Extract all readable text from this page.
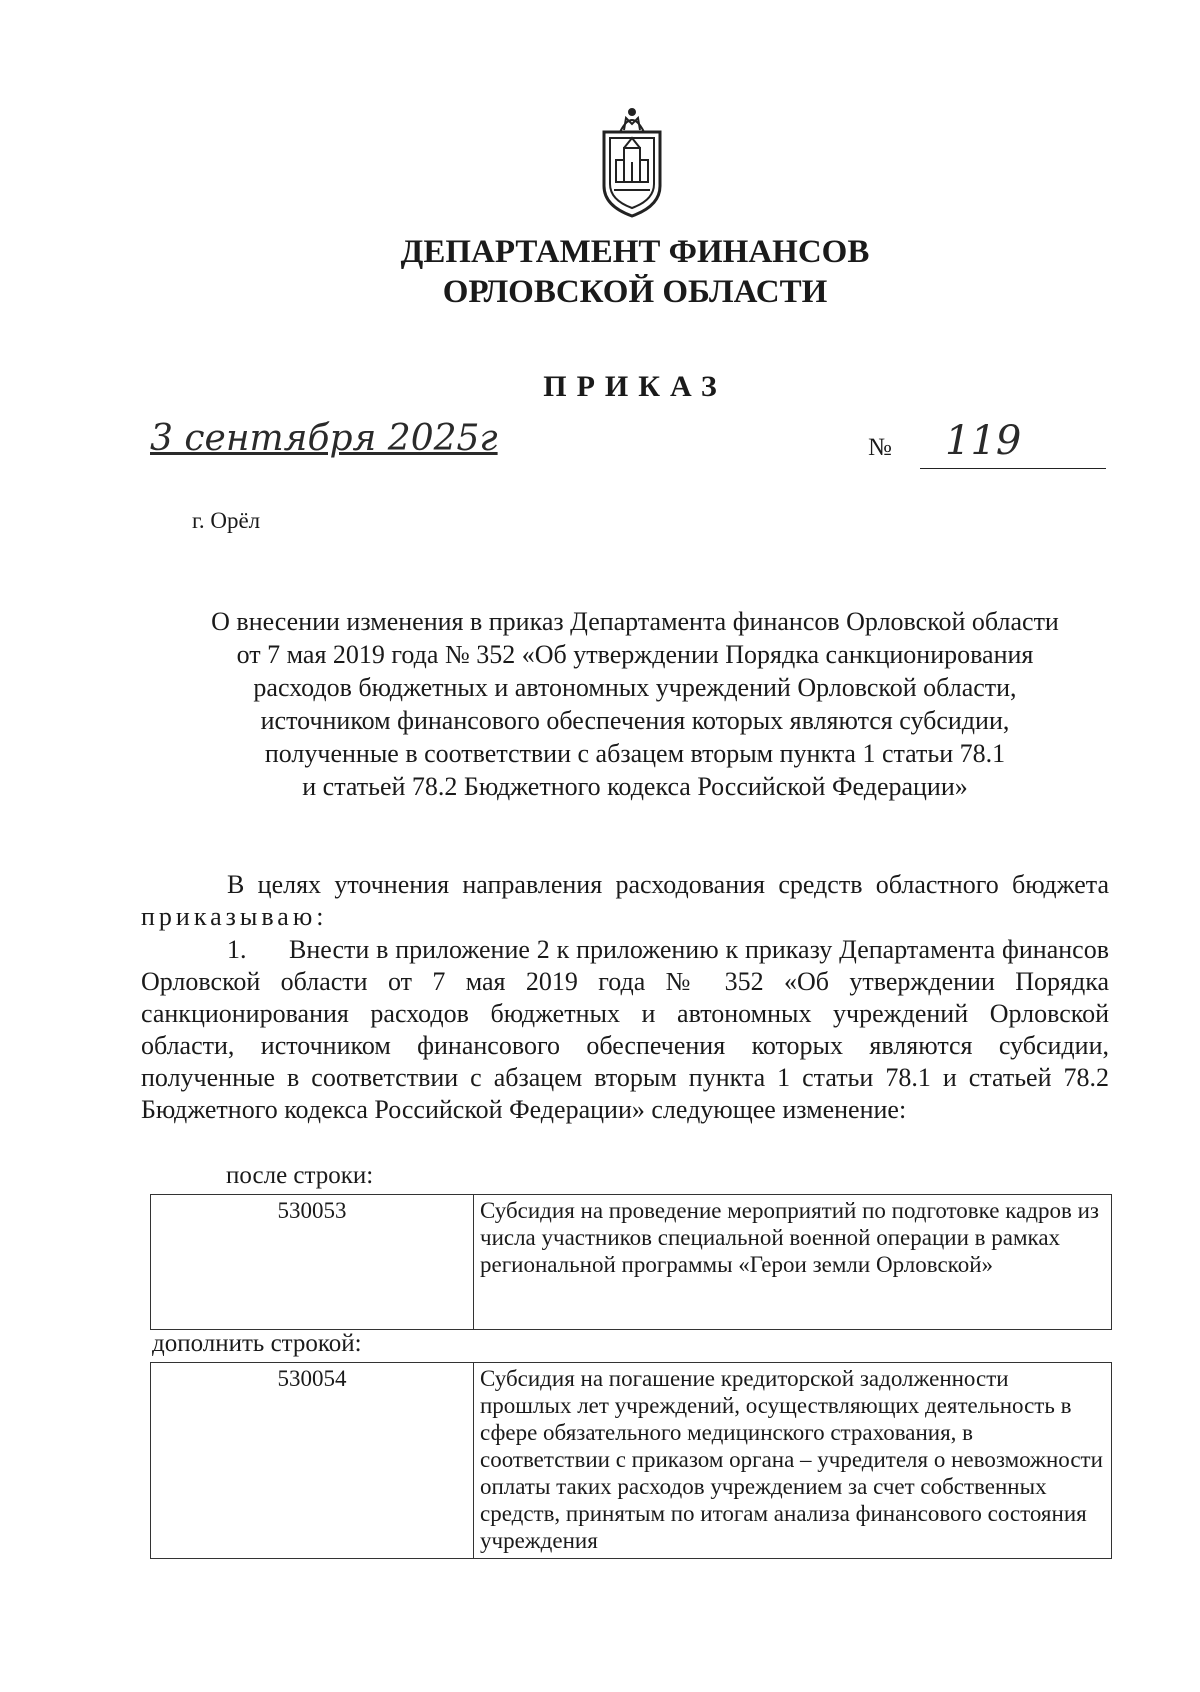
ДЕПАРТАМЕНТ ФИНАНСОВ
ОРЛОВСКОЙ ОБЛАСТИ
ПРИКАЗ
3 сентября 2025г	№ 119
г. Орёл
О внесении изменения в приказ Департамента финансов Орловской области
от 7 мая 2019 года № 352 «Об утверждении Порядка санкционирования
расходов бюджетных и автономных учреждений Орловской области,
источником финансового обеспечения которых являются субсидии,
полученные в соответствии с абзацем вторым пункта 1 статьи 78.1
и статьей 78.2 Бюджетного кодекса Российской Федерации»
В целях уточнения направления расходования средств областного бюджета приказываю:
1. Внести в приложение 2 к приложению к приказу Департамента финансов Орловской области от 7 мая 2019 года № 352 «Об утверждении Порядка санкционирования расходов бюджетных и автономных учреждений Орловской области, источником финансового обеспечения которых являются субсидии, полученные в соответствии с абзацем вторым пункта 1 статьи 78.1 и статьей 78.2 Бюджетного кодекса Российской Федерации» следующее изменение:
после строки:
530053	Субсидия на проведение мероприятий по подготовке кадров из числа участников специальной военной операции в рамках региональной программы «Герои земли Орловской»
дополнить строкой:
530054	Субсидия на погашение кредиторской задолженности прошлых лет учреждений, осуществляющих деятельность в сфере обязательного медицинского страхования, в соответствии с приказом органа – учредителя о невозможности оплаты таких расходов учреждением за счет собственных средств, принятым по итогам анализа финансового состояния учреждения
